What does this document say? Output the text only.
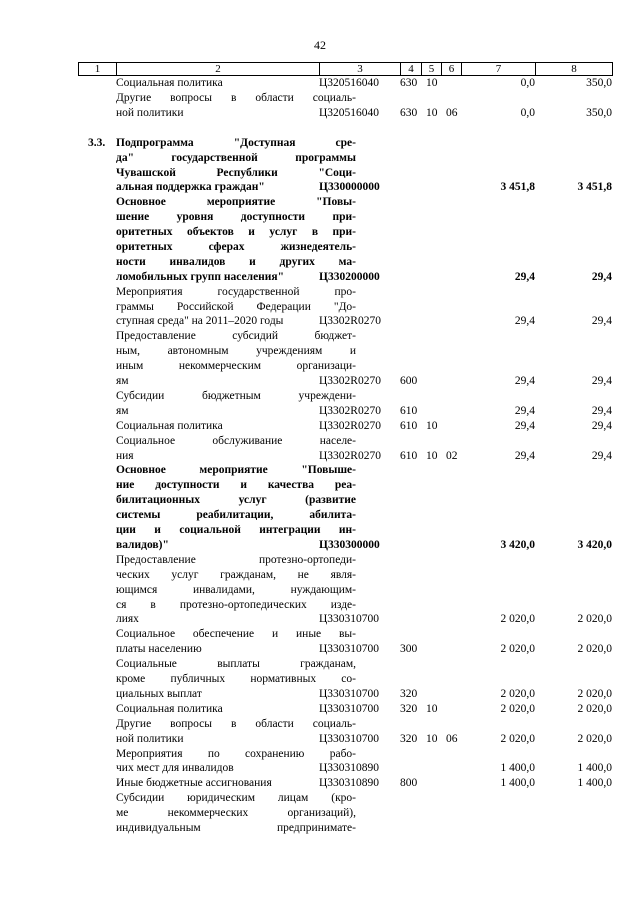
42
1	2	3	4	5	6	7	8
Социальная политика	Ц320516040 630 10	0,0	350,0
Другие вопросы в области социаль-
ной политики	Ц320516040 630 10 06	0,0	350,0
3.3. Подпрограмма "Доступная сре-
да" государственной программы
Чувашской Республики "Соци-
альная поддержка граждан"	Ц330000000	3 451,8	3 451,8
Основное мероприятие "Повы-
шение уровня доступности при-
оритетных объектов и услуг в при-
оритетных сферах жизнедеятель-
ности инвалидов и других ма-
ломобильных групп населения"	Ц330200000	29,4	29,4
Мероприятия государственной про-
граммы Российской Федерации "До-
ступная среда" на 2011–2020 годы	Ц3302R0270	29,4	29,4
Предоставление субсидий бюджет-
ным, автономным учреждениям и
иным некоммерческим организаци-
ям	Ц3302R0270 600	29,4	29,4
Субсидии бюджетным учреждени-
ям	Ц3302R0270 610	29,4	29,4
Социальная политика	Ц3302R0270 610 10	29,4	29,4
Социальное обслуживание населе-
ния	Ц3302R0270 610 10 02	29,4	29,4
Основное мероприятие "Повыше-
ние доступности и качества реа-
билитационных услуг (развитие
системы реабилитации, абилита-
ции и социальной интеграции ин-
валидов)"	Ц330300000	3 420,0	3 420,0
Предоставление протезно-ортопеди-
ческих услуг гражданам, не явля-
ющимся инвалидами, нуждающим-
ся в протезно-ортопедических изде-
лиях	Ц330310700	2 020,0	2 020,0
Социальное обеспечение и иные вы-
платы населению	Ц330310700 300	2 020,0	2 020,0
Социальные выплаты гражданам,
кроме публичных нормативных со-
циальных выплат	Ц330310700 320	2 020,0	2 020,0
Социальная политика	Ц330310700 320 10	2 020,0	2 020,0
Другие вопросы в области социаль-
ной политики	Ц330310700 320 10 06	2 020,0	2 020,0
Мероприятия по сохранению рабо-
чих мест для инвалидов	Ц330310890	1 400,0	1 400,0
Иные бюджетные ассигнования	Ц330310890 800	1 400,0	1 400,0
Субсидии юридическим лицам (кро-
ме некоммерческих организаций),
индивидуальным предпринимате-
